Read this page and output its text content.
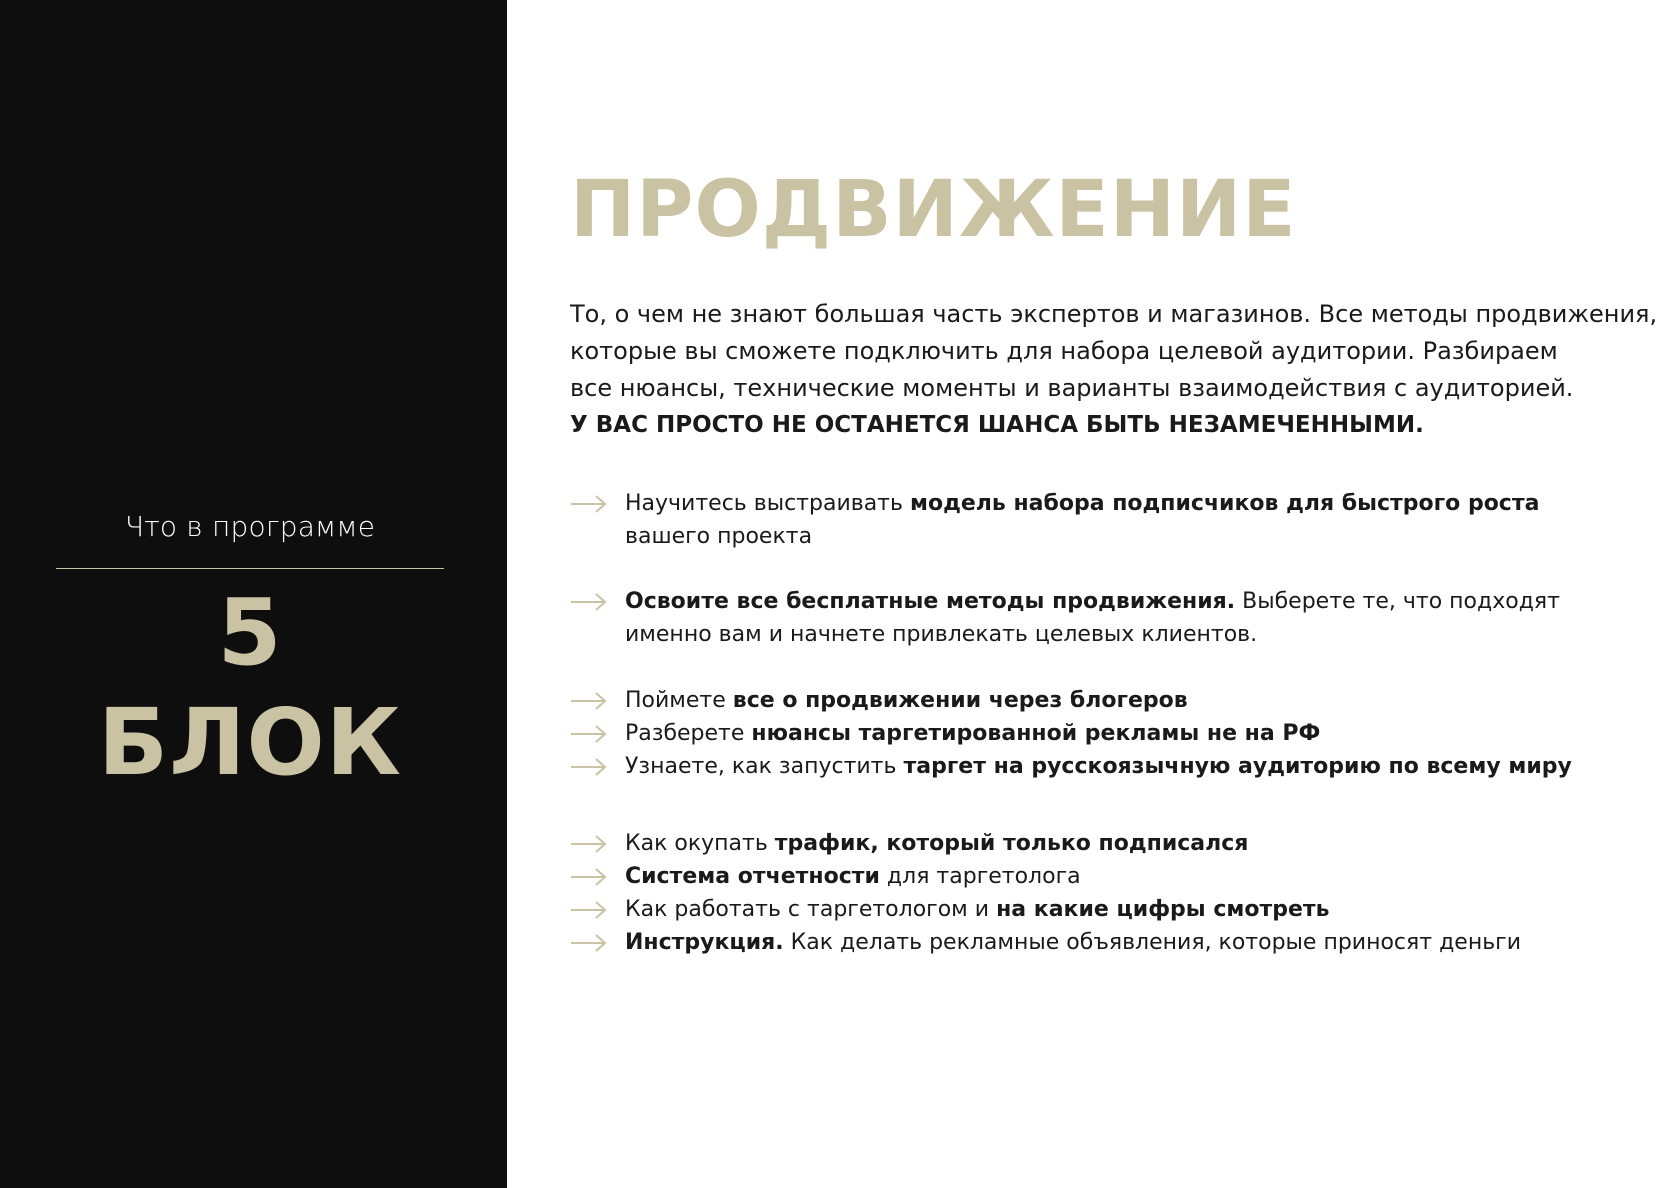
Что в программе
5 БЛОК
ПРОДВИЖЕНИЕ
То, о чем не знают большая часть экспертов и магазинов. Все методы продвижения,
которые вы сможете подключить для набора целевой аудитории. Разбираем
все нюансы, технические моменты и варианты взаимодействия с аудиторией.
У ВАС ПРОСТО НЕ ОСТАНЕТСЯ ШАНСА БЫТЬ НЕЗАМЕЧЕННЫМИ.
Научитесь выстраивать модель набора подписчиков для быстрого роста
вашего проекта
Освоите все бесплатные методы продвижения. Выберете те, что подходят
именно вам и начнете привлекать целевых клиентов.
Поймете все о продвижении через блогеров
Разберете нюансы таргетированной рекламы не на РФ
Узнаете, как запустить таргет на русскоязычную аудиторию по всему миру
Как окупать трафик, который только подписался
Система отчетности для таргетолога
Как работать с таргетологом и на какие цифры смотреть
Инструкция. Как делать рекламные объявления, которые приносят деньги
